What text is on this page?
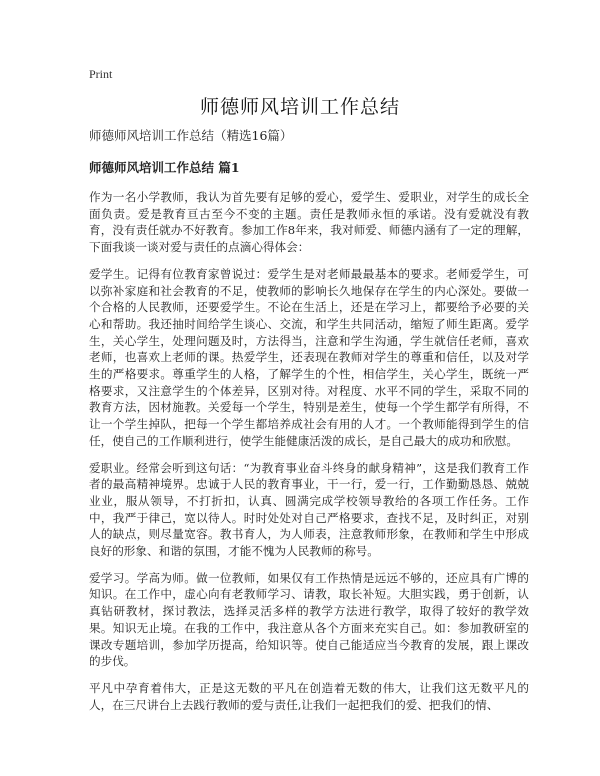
Print
师德师风培训工作总结

师德师风培训工作总结（精选16篇）

师德师风培训工作总结 篇1

作为一名小学教师，我认为首先要有足够的爱心，爱学生、爱职业，对学生的成长全面负责。爱是教育亘古至今不变的主题。责任是教师永恒的承诺。没有爱就没有教育，没有责任就办不好教育。参加工作8年来，我对师爱、师德内涵有了一定的理解，下面我谈一谈对爱与责任的点滴心得体会：

爱学生。记得有位教育家曾说过：爱学生是对老师最最基本的要求。老师爱学生，可以弥补家庭和社会教育的不足，使教师的影响长久地保存在学生的内心深处。要做一个合格的人民教师，还要爱学生。不论在生活上，还是在学习上，都要给予必要的关心和帮助。我还抽时间给学生谈心、交流，和学生共同活动，缩短了师生距离。爱学生，关心学生，处理问题及时，方法得当，注意和学生沟通，学生就信任老师，喜欢老师，也喜欢上老师的课。热爱学生，还表现在教师对学生的尊重和信任，以及对学生的严格要求。尊重学生的人格，了解学生的个性，相信学生，关心学生，既统一严格要求，又注意学生的个体差异，区别对待。对程度、水平不同的学生，采取不同的教育方法，因材施教。关爱每一个学生，特别是差生，使每一个学生都学有所得，不让一个学生掉队，把每一个学生都培养成社会有用的人才。一个教师能得到学生的信任，使自己的工作顺利进行，使学生能健康活泼的成长，是自己最大的成功和欣慰。

爱职业。经常会听到这句话：“为教育事业奋斗终身的献身精神”，这是我们教育工作者的最高精神境界。忠诚于人民的教育事业，干一行，爱一行，工作勤勤恳恳、兢兢业业，服从领导，不打折扣，认真、圆满完成学校领导教给的各项工作任务。工作中，我严于律己，宽以待人。时时处处对自己严格要求，查找不足，及时纠正，对别人的缺点，则尽量宽容。教书育人，为人师表，注意教师形象，在教师和学生中形成良好的形象、和谐的氛围，才能不愧为人民教师的称号。

爱学习。学高为师。做一位教师，如果仅有工作热情是远远不够的，还应具有广博的知识。在工作中，虚心向有老教师学习、请教，取长补短。大胆实践，勇于创新，认真钻研教材，探讨教法，选择灵活多样的教学方法进行教学，取得了较好的教学效果。知识无止境。在我的工作中，我注意从各个方面来充实自己。如：参加教研室的课改专题培训，参加学历提高，给知识等。使自己能适应当今教育的发展，跟上课改的步伐。

平凡中孕育着伟大，正是这无数的平凡在创造着无数的伟大，让我们这无数平凡的人，在三尺讲台上去践行教师的爱与责任,让我们一起把我们的爱、把我们的情、
